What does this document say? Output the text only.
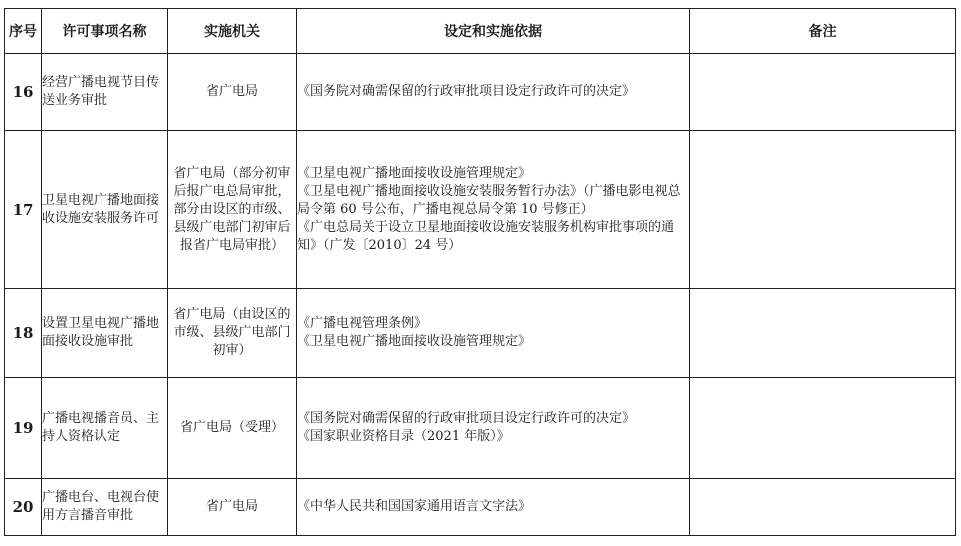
序号	许可事项名称	实施机关	设定和实施依据	备注
16	经营广播电视节目传送业务审批	省广电局	《国务院对确需保留的行政审批项目设定行政许可的决定》	

17	卫星电视广播地面接收设施安装服务许可	省广电局（部分初审后报广电总局审批，部分由设区的市级、县级广电部门初审后报省广电局审批）	《卫星电视广播地面接收设施管理规定》
《卫星电视广播地面接收设施安装服务暂行办法》（广播电影电视总局令第 60 号公布，广播电视总局令第 10 号修正）
《广电总局关于设立卫星地面接收设施安装服务机构审批事项的通知》（广发〔2010〕24 号）	

18	设置卫星电视广播地面接收设施审批	省广电局（由设区的市级、县级广电部门初审）	《广播电视管理条例》
《卫星电视广播地面接收设施管理规定》	

19	广播电视播音员、主持人资格认定	省广电局（受理）	《国务院对确需保留的行政审批项目设定行政许可的决定》
《国家职业资格目录（2021 年版）》	

20	广播电台、电视台使用方言播音审批	省广电局	《中华人民共和国国家通用语言文字法》	
